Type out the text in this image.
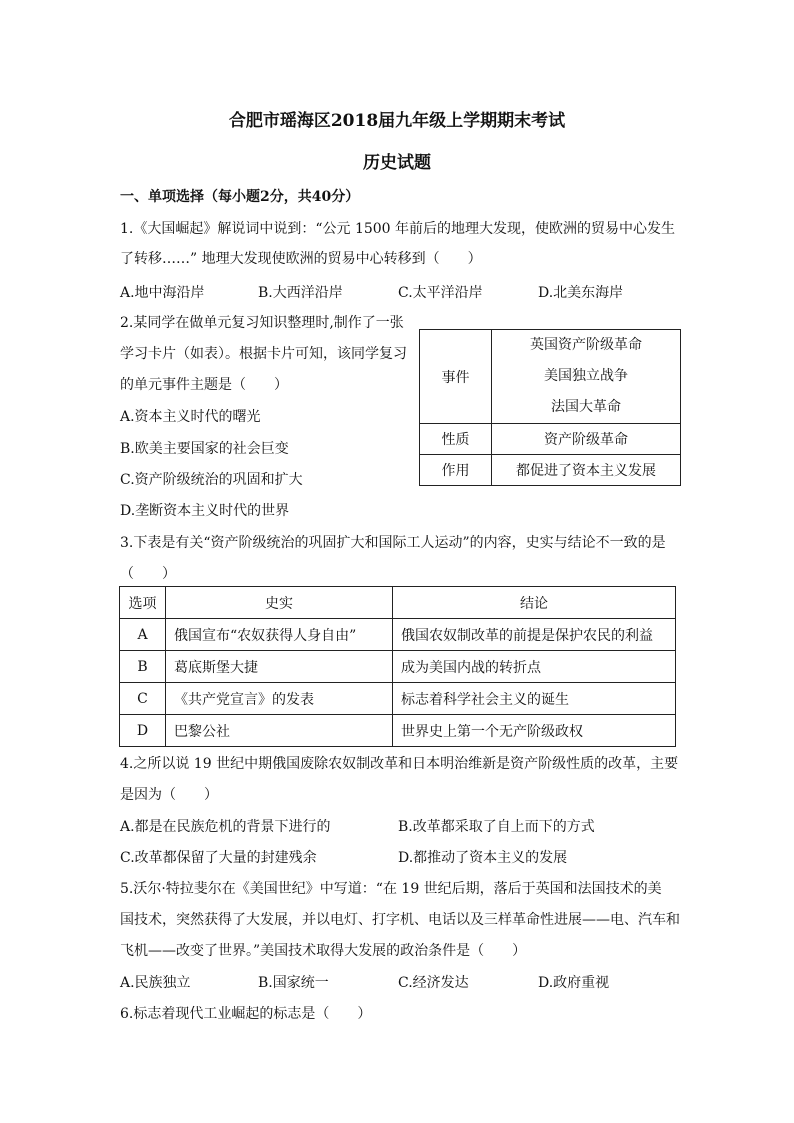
合肥市瑶海区2018届九年级上学期期末考试
历史试题
一、单项选择（每小题2分，共40分）
1.《大国崛起》解说词中说到：“公元 1500 年前后的地理大发现，使欧洲的贸易中心发生
了转移……” 地理大发现使欧洲的贸易中心转移到（　　）
A.地中海沿岸	B.大西洋沿岸	C.太平洋沿岸	D.北美东海岸
2.某同学在做单元复习知识整理时,制作了一张
学习卡片（如表）。根据卡片可知，该同学复习
的单元事件主题是（　　）
A.资本主义时代的曙光
B.欧美主要国家的社会巨变
C.资产阶级统治的巩固和扩大
D.垄断资本主义时代的世界
事件	英国资产阶级革命
美国独立战争
法国大革命

性质	资产阶级革命
作用	都促进了资本主义发展
3.下表是有关“资产阶级统治的巩固扩大和国际工人运动”的内容，史实与结论不一致的是
（　　）
选项	史实	结论
A	俄国宣布“农奴获得人身自由”	俄国农奴制改革的前提是保护农民的利益
B	葛底斯堡大捷	成为美国内战的转折点
C	《共产党宣言》的发表	标志着科学社会主义的诞生
D	巴黎公社	世界史上第一个无产阶级政权
4.之所以说 19 世纪中期俄国废除农奴制改革和日本明治维新是资产阶级性质的改革，主要
是因为（　　）
A.都是在民族危机的背景下进行的	B.改革都采取了自上而下的方式
C.改革都保留了大量的封建残余	D.都推动了资本主义的发展
5.沃尔·特拉斐尔在《美国世纪》中写道：“在 19 世纪后期，落后于英国和法国技术的美
国技术，突然获得了大发展，并以电灯、打字机、电话以及三样革命性进展——电、汽车和
飞机——改变了世界。”美国技术取得大发展的政治条件是（　　）
A.民族独立	B.国家统一	C.经济发达	D.政府重视
6.标志着现代工业崛起的标志是（　　）
